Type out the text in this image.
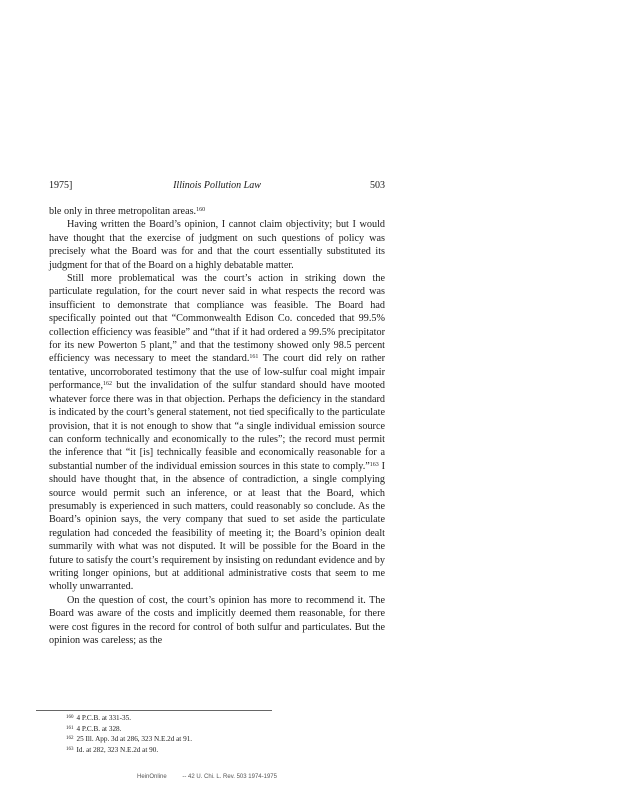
1975]	Illinois Pollution Law	503

ble only in three metropolitan areas.$^{160}$

Having written the Board’s opinion, I cannot claim objectivity; but I would have thought that the exercise of judgment on such questions of policy was precisely what the Board was for and that the court essentially substituted its judgment for that of the Board on a highly debatable matter.

Still more problematical was the court’s action in striking down the particulate regulation, for the court never said in what respects the record was insufficient to demonstrate that compliance was feasible. The Board had specifically pointed out that “Commonwealth Edison Co. conceded that 99.5% collection efficiency was feasible” and “that if it had ordered a 99.5% precipitator for its new Powerton 5 plant,” and that the testimony showed only 98.5 percent efficiency was necessary to meet the standard.$^{161}$ The court did rely on rather tentative, uncorroborated testimony that the use of low-sulfur coal might impair performance,$^{162}$ but the invalidation of the sulfur standard should have mooted whatever force there was in that objection. Perhaps the deficiency in the standard is indicated by the court’s general statement, not tied specifically to the particulate provision, that it is not enough to show that “a single individual emission source can conform technically and economically to the rules”; the record must permit the inference that “it [is] technically feasible and economically reasonable for a substantial number of the individual emission sources in this state to comply.”$^{163}$ I should have thought that, in the absence of contradiction, a single complying source would permit such an inference, or at least that the Board, which presumably is experienced in such matters, could reasonably so conclude. As the Board’s opinion says, the very company that sued to set aside the particulate regulation had conceded the feasibility of meeting it; the Board’s opinion dealt summarily with what was not disputed. It will be possible for the Board in the future to satisfy the court’s requirement by insisting on redundant evidence and by writing longer opinions, but at additional administrative costs that seem to me wholly unwarranted.

On the question of cost, the court’s opinion has more to recommend it. The Board was aware of the costs and implicitly deemed them reasonable, for there were cost figures in the record for control of both sulfur and particulates. But the opinion was careless; as the

$^{160}$ 4 P.C.B. at 331-35.
$^{161}$ 4 P.C.B. at 328.
$^{162}$ 25 Ill. App. 3d at 286, 323 N.E.2d at 91.
$^{163}$ Id. at 282, 323 N.E.2d at 90.
HeinOnline	-- 42 U. Chi. L. Rev. 503 1974-1975
